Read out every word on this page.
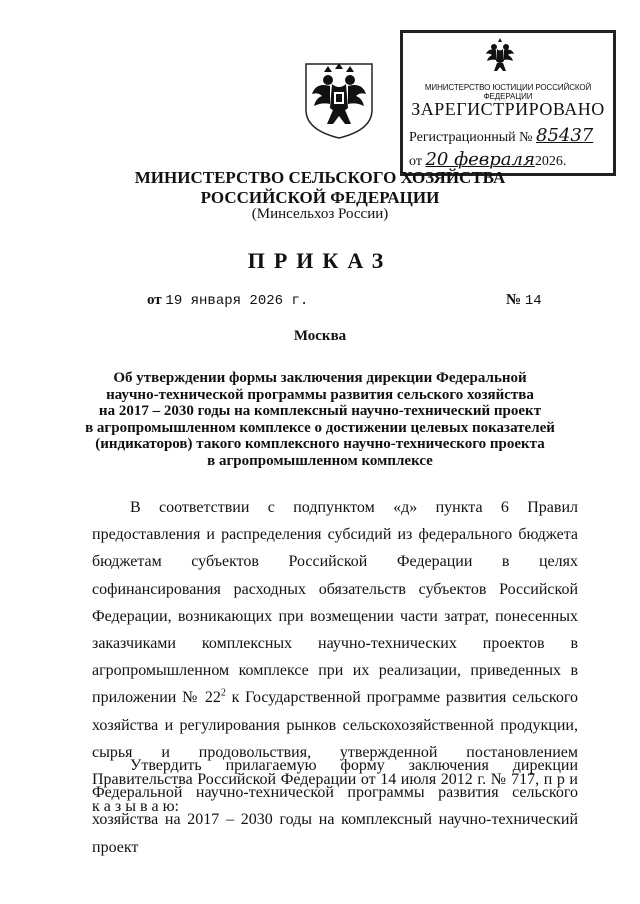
МИНИСТЕРСТВО ЮСТИЦИИ РОССИЙСКОЙ ФЕДЕРАЦИИ
ЗАРЕГИСТРИРОВАНО
Регистрационный № 85437
от 20 февраля2026.
МИНИСТЕРСТВО СЕЛЬСКОГО ХОЗЯЙСТВА
РОССИЙСКОЙ ФЕДЕРАЦИИ
(Минсельхоз России)
ПРИКАЗ
от 19 января 2026 г.	№ 14
Москва
Об утверждении формы заключения дирекции Федеральной
научно-технической программы развития сельского хозяйства
на 2017 – 2030 годы на комплексный научно-технический проект
в агропромышленном комплексе о достижении целевых показателей
(индикаторов) такого комплексного научно-технического проекта
в агропромышленном комплексе
В соответствии с подпунктом «д» пункта 6 Правил предоставления и распределения субсидий из федерального бюджета бюджетам субъектов Российской Федерации в целях софинансирования расходных обязательств субъектов Российской Федерации, возникающих при возмещении части затрат, понесенных заказчиками комплексных научно-технических проектов в агропромышленном комплексе при их реализации, приведенных в приложении № $22^2$ к Государственной программе развития сельского хозяйства и регулирования рынков сельскохозяйственной продукции, сырья и продовольствия, утвержденной постановлением Правительства Российской Федерации от 14 июля 2012 г. № 717, п р и к а з ы в а ю:
Утвердить прилагаемую форму заключения дирекции Федеральной научно-технической программы развития сельского хозяйства на 2017 – 2030 годы на комплексный научно-технический проект
